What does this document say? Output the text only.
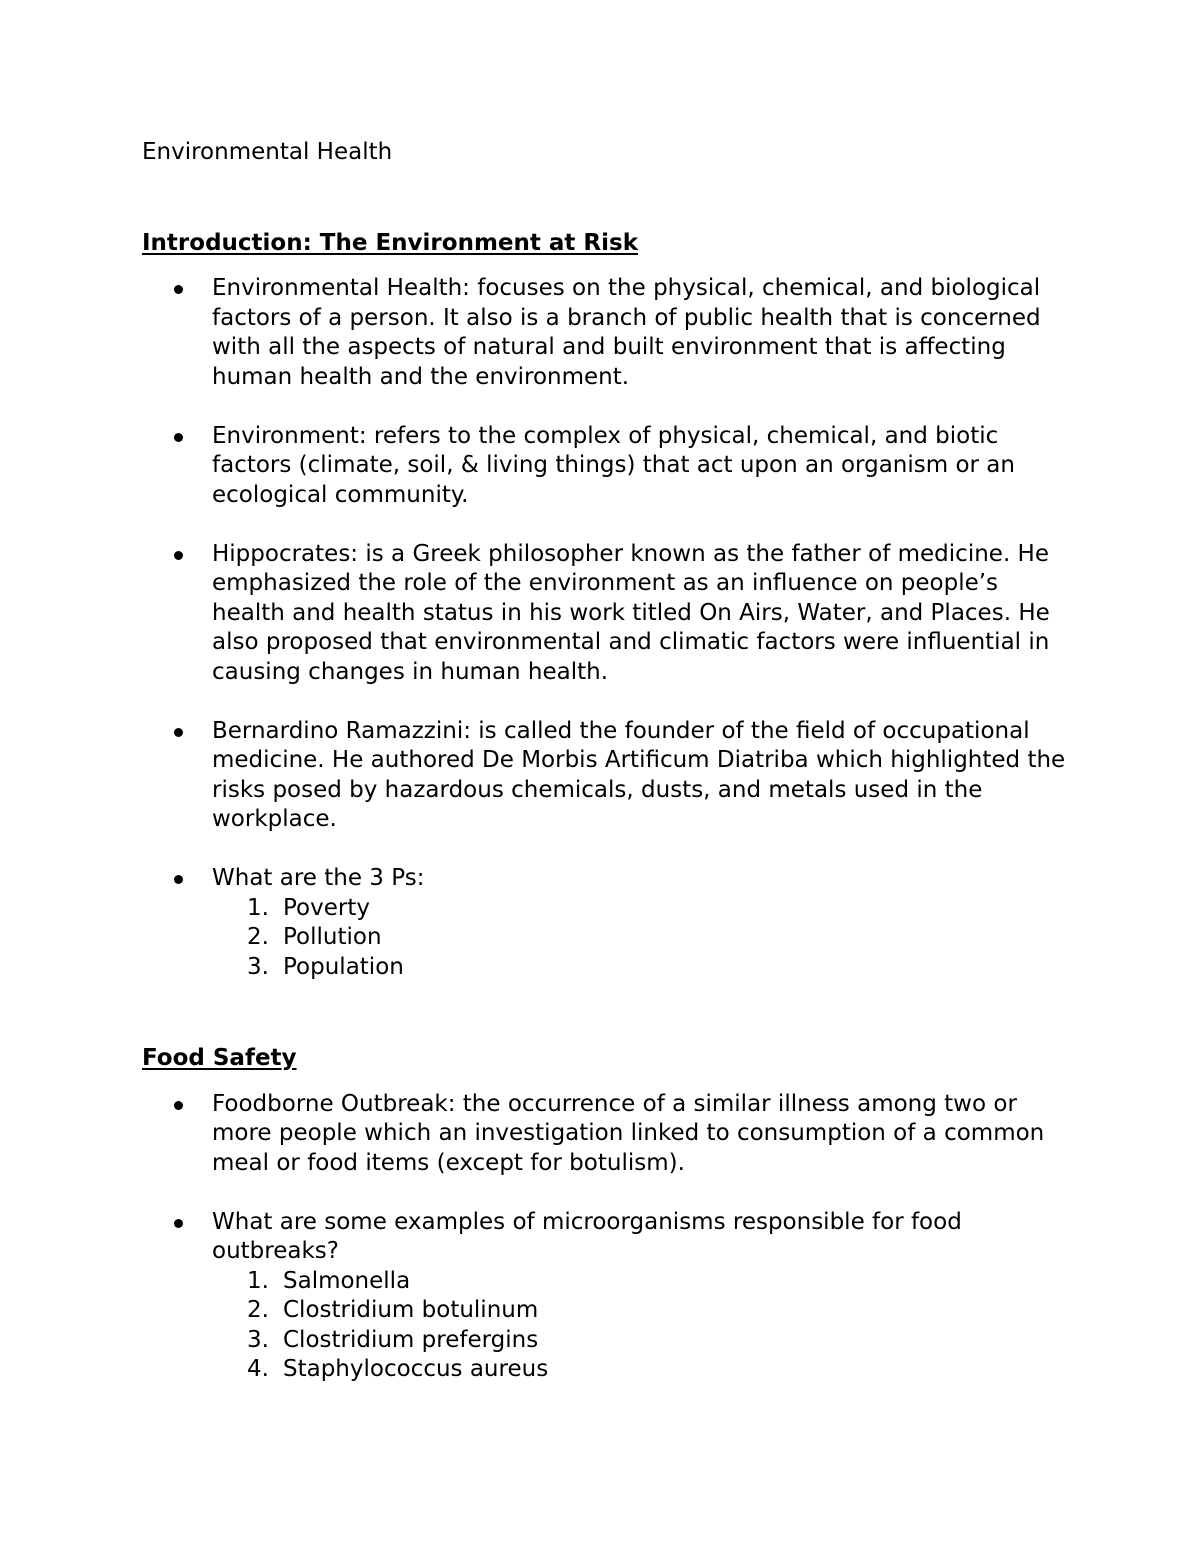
Environmental Health
Introduction: The Environment at Risk
Environmental Health: focuses on the physical, chemical, and biological factors of a person. It also is a branch of public health that is concerned with all the aspects of natural and built environment that is affecting human health and the environment.
Environment: refers to the complex of physical, chemical, and biotic factors (climate, soil, & living things) that act upon an organism or an ecological community.
Hippocrates: is a Greek philosopher known as the father of medicine. He emphasized the role of the environment as an influence on people’s health and health status in his work titled On Airs, Water, and Places. He also proposed that environmental and climatic factors were influential in causing changes in human health.
Bernardino Ramazzini: is called the founder of the field of occupational medicine. He authored De Morbis Artificum Diatriba which highlighted the risks posed by hazardous chemicals, dusts, and metals used in the workplace.
What are the 3 Ps:
1. Poverty
2. Pollution
3. Population
Food Safety
Foodborne Outbreak: the occurrence of a similar illness among two or more people which an investigation linked to consumption of a common meal or food items (except for botulism).
What are some examples of microorganisms responsible for food outbreaks?
1. Salmonella
2. Clostridium botulinum
3. Clostridium prefergins
4. Staphylococcus aureus
